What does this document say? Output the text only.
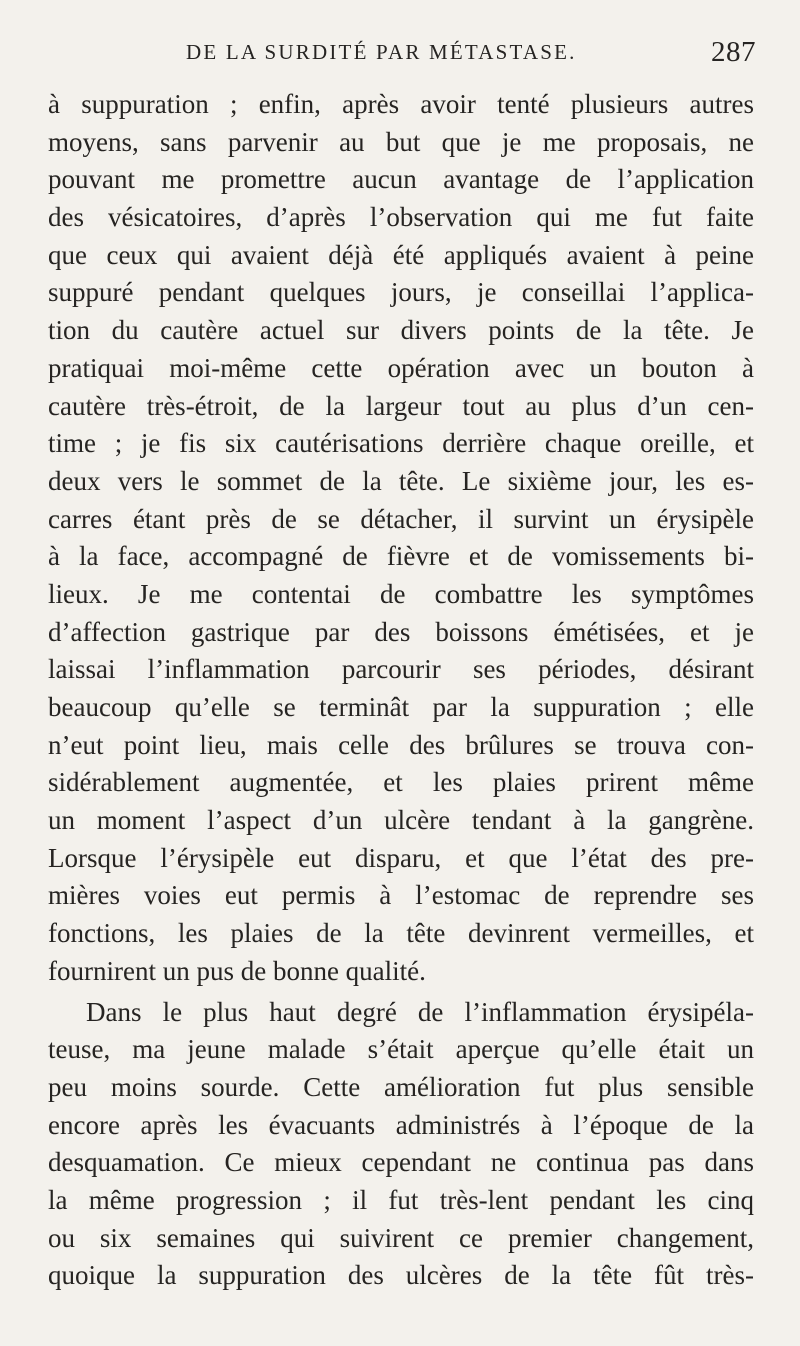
DE LA SURDITÉ PAR MÉTASTASE.	287
à suppuration ; enfin, après avoir tenté plusieurs autres
moyens, sans parvenir au but que je me proposais, ne
pouvant me promettre aucun avantage de l’application
des vésicatoires, d’après l’observation qui me fut faite
que ceux qui avaient déjà été appliqués avaient à peine
suppuré pendant quelques jours, je conseillai l’applica-
tion du cautère actuel sur divers points de la tête. Je
pratiquai moi-même cette opération avec un bouton à
cautère très-étroit, de la largeur tout au plus d’un cen-
time ; je fis six cautérisations derrière chaque oreille, et
deux vers le sommet de la tête. Le sixième jour, les es-
carres étant près de se détacher, il survint un érysipèle
à la face, accompagné de fièvre et de vomissements bi-
lieux. Je me contentai de combattre les symptômes
d’affection gastrique par des boissons émétisées, et je
laissai l’inflammation parcourir ses périodes, désirant
beaucoup qu’elle se terminât par la suppuration ; elle
n’eut point lieu, mais celle des brûlures se trouva con-
sidérablement augmentée, et les plaies prirent même
un moment l’aspect d’un ulcère tendant à la gangrène.
Lorsque l’érysipèle eut disparu, et que l’état des pre-
mières voies eut permis à l’estomac de reprendre ses
fonctions, les plaies de la tête devinrent vermeilles, et
fournirent un pus de bonne qualité.
Dans le plus haut degré de l’inflammation érysipéla-
teuse, ma jeune malade s’était aperçue qu’elle était un
peu moins sourde. Cette amélioration fut plus sensible
encore après les évacuants administrés à l’époque de la
desquamation. Ce mieux cependant ne continua pas dans
la même progression ; il fut très-lent pendant les cinq
ou six semaines qui suivirent ce premier changement,
quoique la suppuration des ulcères de la tête fût très-
